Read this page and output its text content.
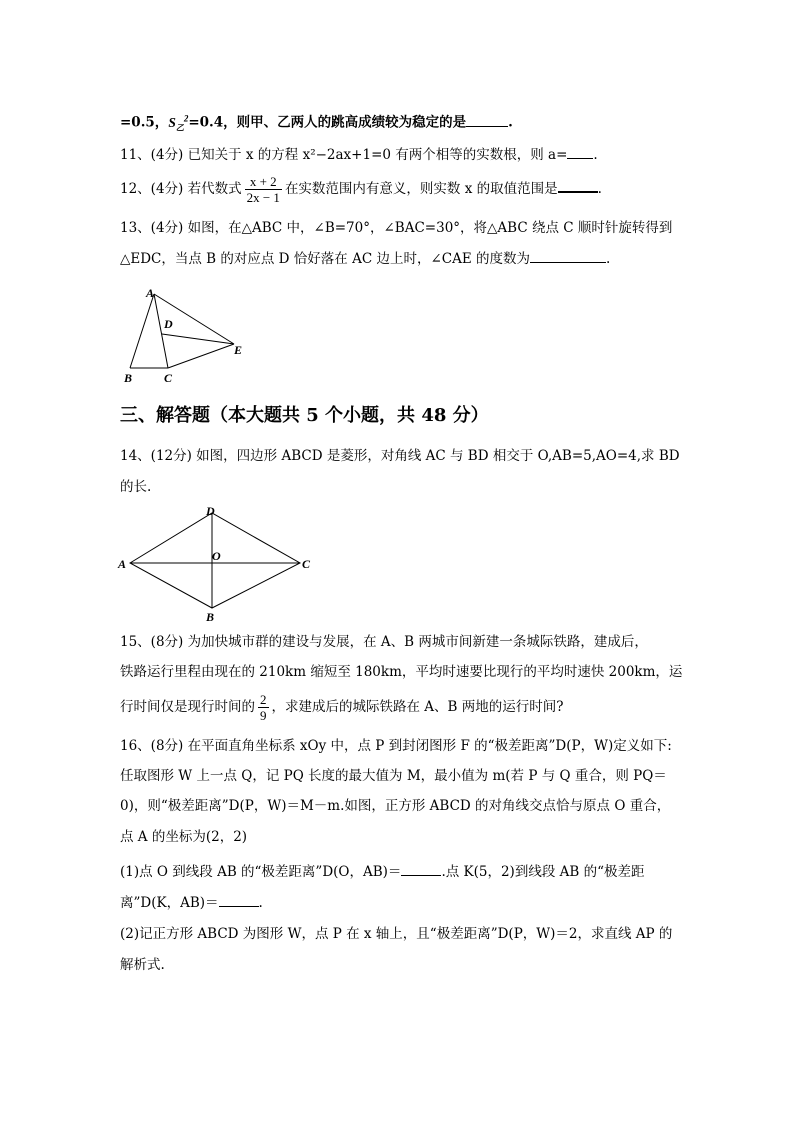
=0.5，$S_乙^2=0.4$，则甲、乙两人的跳高成绩较为稳定的是	.
11、(4分) 已知关于 x 的方程 x²−2ax+1=0 有两个相等的实数根，则 a= .
12、(4分) 若代数式 $\frac{x + 2}{2x - 1}$ 在实数范围内有意义，则实数 x 的取值范围是	.
13、(4分) 如图，在△ABC 中，∠B=70°，∠BAC=30°，将△ABC 绕点 C 顺时针旋转得到
△EDC，当点 B 的对应点 D 恰好落在 AC 边上时，∠CAE 的度数为	.
A
D
E
B	C
三、解答题（本大题共 5 个小题，共 48 分）
14、(12分) 如图，四边形 ABCD 是菱形，对角线 AC 与 BD 相交于 O,AB=5,AO=4,求 BD
的长.
D
O
A	C
B
15、(8分) 为加快城市群的建设与发展，在 A、B 两城市间新建一条城际铁路，建成后，
铁路运行里程由现在的 210km 缩短至 180km，平均时速要比现行的平均时速快 200km，运
行时间仅是现行时间的 $\frac{2}{9}$ ，求建成后的城际铁路在 A、B 两地的运行时间?
16、(8分) 在平面直角坐标系 xOy 中，点 P 到封闭图形 F 的“极差距离”D(P，W)定义如下:
任取图形 W 上一点 Q，记 PQ 长度的最大值为 M，最小值为 m(若 P 与 Q 重合，则 PQ＝
0)，则“极差距离”D(P，W)＝M－m.如图，正方形 ABCD 的对角线交点恰与原点 O 重合，
点 A 的坐标为(2，2)
(1)点 O 到线段 AB 的“极差距离”D(O，AB)＝	.点 K(5，2)到线段 AB 的“极差距
离”D(K，AB)＝	.
(2)记正方形 ABCD 为图形 W，点 P 在 x 轴上，且“极差距离”D(P，W)＝2，求直线 AP 的
解析式.
